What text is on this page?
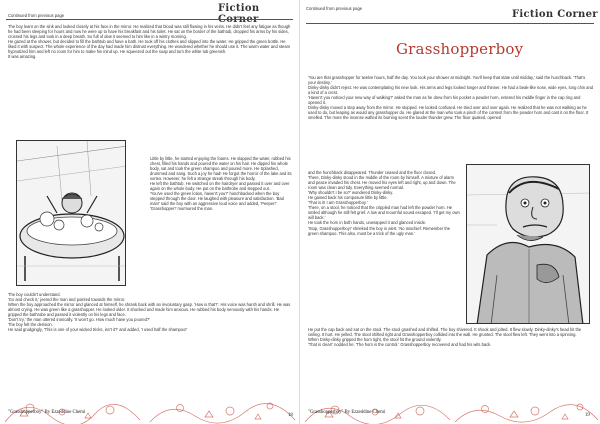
Continued from previous page
Fiction Corner
The boy leant on the sink and looked closely at his face in the mirror. He realized that blood was still flowing in his veins. He didn't feel any fatigue as though he had been sleeping for hours and now he were up to have his breakfast and his toilet. He sat on the border of the bathtub, dropped his arms by his sides, crossed his legs and took in a deep breath. So full of dew it seemed to him like in a wintry morning.
He gazed at the shower, but decided to fill the bathtub and have a bath. He took off his clothes and slipped into the water. He gripped the green bottle. He liked it with suspect. The whole experience of the day had made him distrust everything. He wondered whether he should use it. The warm water and steam hypnotized him and left no room for him to make his mind up. He squeezed out the soap and turn the white tub greenish.
It was amazing.
Little by little, he started enjoying the foams. He slapped the water, rubbed his chest, filled his hands and poured the water on his hair. He dipped his whole body, sat and took the green shampoo and poured more. He Splashed, drummed and sang. Such a joy he had! He forgot the horror of the lake and its vortex. However, he felt a strange streak through his body.
He left the bathtub. He switched on the hairdryer and passed it over and over again on the whole body. He put on the bathrobe and stepped out.
'You've used the green lotion, haven't you?' hunchbacked when the boy stepped through the door. He laughed with pleasure and satisfaction. 'Bad man!' said the boy with an aggressive loud voice and added, 'Peeper!'
'Grasshopper!' murmured the man.
The boy couldn't understand.
'Go and check it,' jeered the man and pointed towards the mirror.
When the boy approached the mirror and glanced at himself, he shrank back with an involuntary gasp. 'How is that?'. His voice was harsh and shrill. He was almost crying. He was green like a grasshopper. He looked older. It shocked and made him anxious. He rubbed his body nervously with his hands. He gripped the bathrobe and passed it violently on his legs and face.
'Don't try,' the man uttered ironically. 'It won't go. How much have you poured?'
The boy felt the derision.
He said grudgingly, 'This is one of your wicked tricks, isn't it?' and added, 'I used half the shampoo!'
"Grasshopperboy" By Ezzeddine Chemi
18
Continued from previous page
Fiction Corner
Grasshopperboy
'You are that grasshopper for twelve hours, half the day. You took your shower at midnight. You'll keep that state until midday,' said the hunchback. 'That's your destiny.'
Dinky-dinky didn't reject. He was contemplating his new look. His arms and legs looked longer and thinner. He had a beak-like nose, wide eyes, long chin and a kind of a crest.
'Haven't you noticed your new way of walking?' asked the man as he drew from his pocket a powder horn, entered his middle finger in the cap ring and opened it.
Dinky-dinky moved a step away from the mirror. He stopped. He looked confused. He tried over and over again. He realized that he was not walking as he used to do, but leaping as would any grasshopper do. He glared at the man who took a pinch of the content from the powder horn and cast it on the floor. It smelled. The more the incense wafted its burning scent the louder thunder grew. The floor quaked, opened
and the hunchback disappeared. Thunder ceased and the floor closed.
There, Dinky-dinky stood in the middle of the room by himself. A mixture of alarm and peace invaded his chest. He moved his eyes left and right, up and down. The room was clean and tidy. Everything seemed normal.
'Why shouldn't I be so?' wondered Dinky-dinky.
He gained back his composure little by little.
'That is it! I am Grasshopperboy.'
There, on a stool, he noticed that the crippled man had left the powder horn. He smiled although he still felt grief. A low and mournful sound escaped. 'I'll get my own will back.'
He took the horn in both hands, unwrapped it and glanced inside.
'Stop, Grasshopperboy!' shrieked the boy in alert. 'No mischief. Remember the green shampoo. This also, must be a trick of the ugly man.'
He put the cap back and sat on the stool. The stool gnashed and shifted. The boy shivered. It shook and jolted. It flew slowly. Dinky-dinky's head hit the ceiling. It hurt. He yelled. The stool shifted right and Grasshopperboy collided into the wall. He grunted. The stool flew left. They went into a spinning.
When Dinky-dinky gripped the horn tight, the stool hit the ground violently.
'That is clear!' nodded he. 'The horn is the control.' Grasshopperboy recovered and had his wits back.
"Grasshopperboy" By Ezzeddine Chemi
19
